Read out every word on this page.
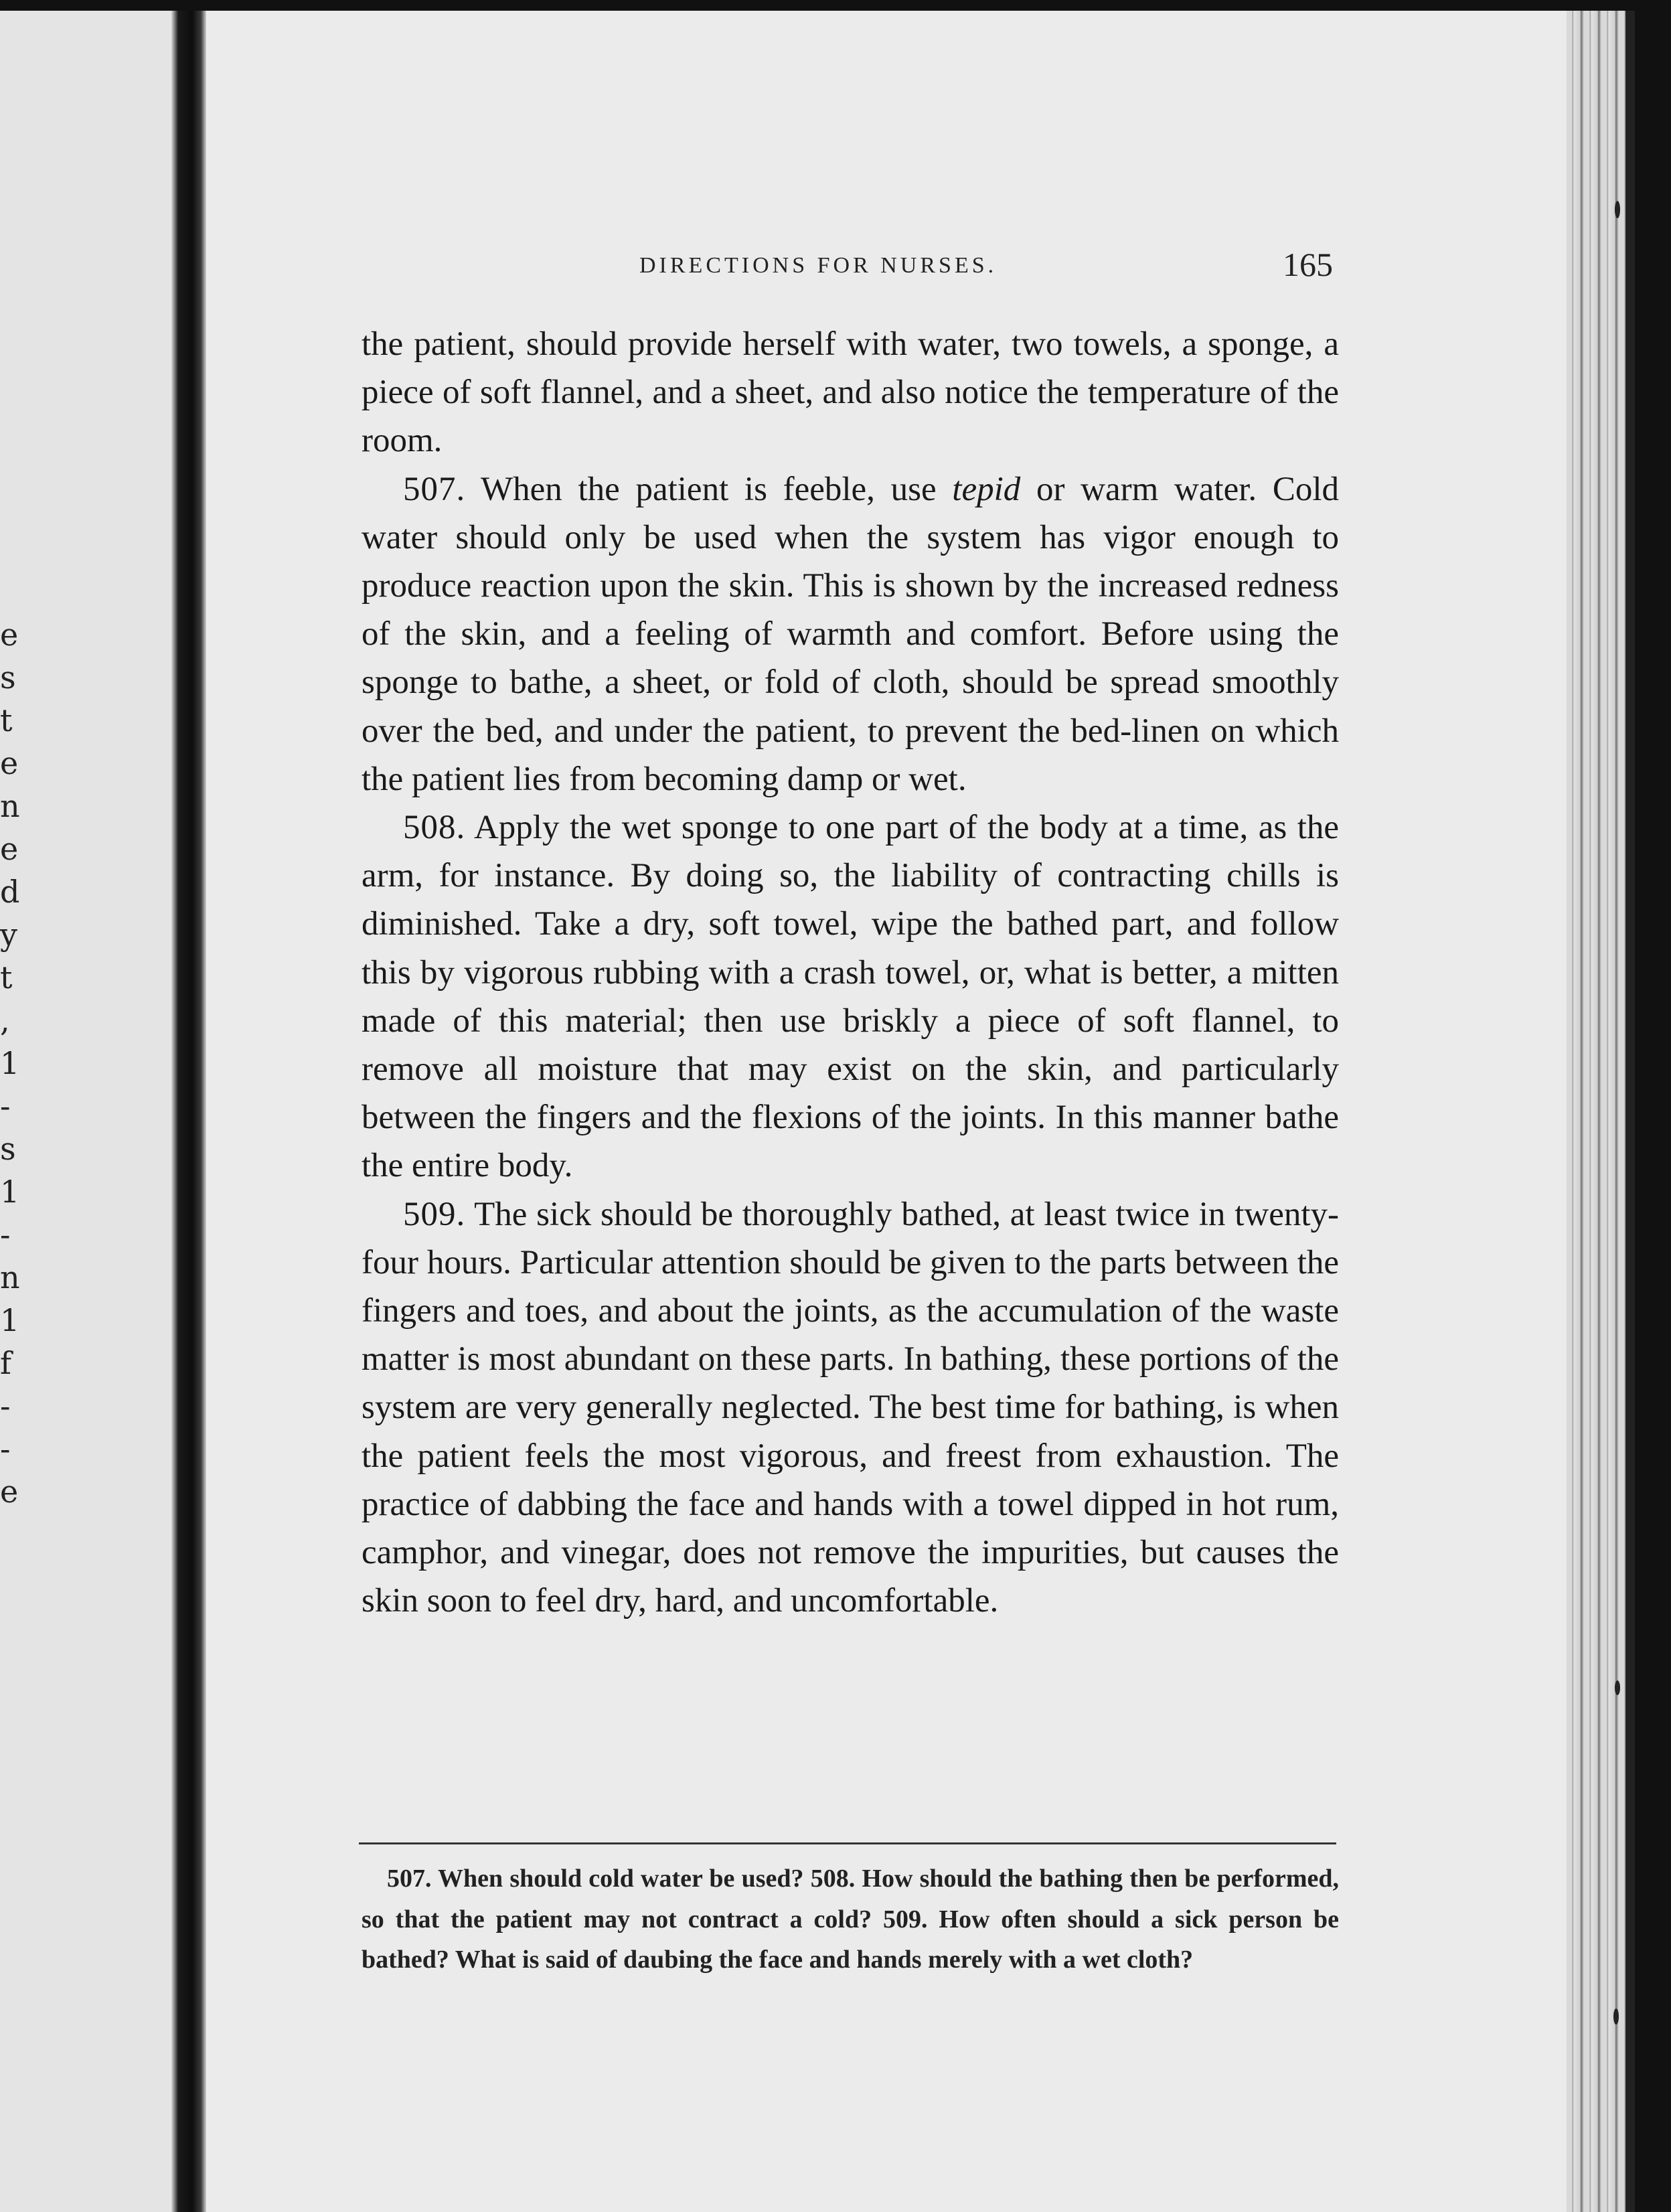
e
s
t
e
n
e
d
y
t
,
1
-
s
1
-
n
1
f
-
-
e
DIRECTIONS FOR NURSES.	165

the patient, should provide herself with water, two towels, a sponge, a piece of soft flannel, and a sheet, and also notice the temperature of the room.

507. When the patient is feeble, use tepid or warm water. Cold water should only be used when the system has vigor enough to produce reaction upon the skin. This is shown by the increased redness of the skin, and a feeling of warmth and comfort. Before using the sponge to bathe, a sheet, or fold of cloth, should be spread smoothly over the bed, and under the patient, to prevent the bed-linen on which the patient lies from becoming damp or wet.

508. Apply the wet sponge to one part of the body at a time, as the arm, for instance. By doing so, the liability of contracting chills is diminished. Take a dry, soft towel, wipe the bathed part, and follow this by vigorous rubbing with a crash towel, or, what is better, a mitten made of this material; then use briskly a piece of soft flannel, to remove all moisture that may exist on the skin, and particularly between the fingers and the flexions of the joints. In this manner bathe the entire body.

509. The sick should be thoroughly bathed, at least twice in twenty-four hours. Particular attention should be given to the parts between the fingers and toes, and about the joints, as the accumulation of the waste matter is most abundant on these parts. In bathing, these portions of the system are very generally neglected. The best time for bathing, is when the patient feels the most vigorous, and freest from exhaustion. The practice of dabbing the face and hands with a towel dipped in hot rum, camphor, and vinegar, does not remove the impurities, but causes the skin soon to feel dry, hard, and uncomfortable.

507. When should cold water be used? 508. How should the bathing then be performed, so that the patient may not contract a cold? 509. How often should a sick person be bathed? What is said of daubing the face and hands merely with a wet cloth?
